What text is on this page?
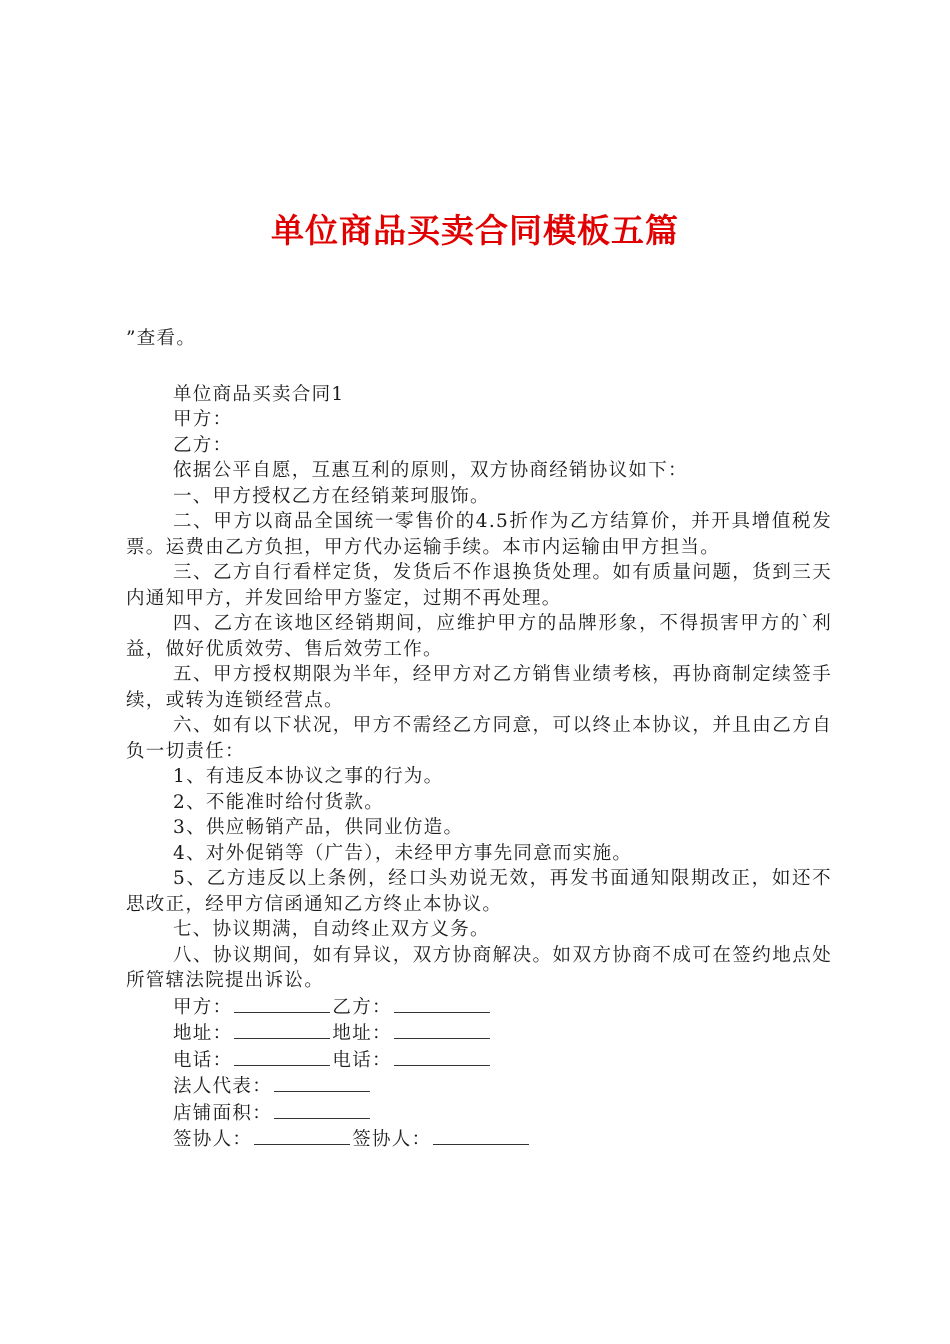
单位商品买卖合同模板五篇

”查看。

单位商品买卖合同1

甲方：

乙方：

依据公平自愿，互惠互利的原则，双方协商经销协议如下：

一、甲方授权乙方在经销莱珂服饰。

二、甲方以商品全国统一零售价的4.5折作为乙方结算价，并开具增值税发票。运费由乙方负担，甲方代办运输手续。本市内运输由甲方担当。

三、乙方自行看样定货，发货后不作退换货处理。如有质量问题，货到三天内通知甲方，并发回给甲方鉴定，过期不再处理。

四、乙方在该地区经销期间，应维护甲方的品牌形象，不得损害甲方的`利益，做好优质效劳、售后效劳工作。

五、甲方授权期限为半年，经甲方对乙方销售业绩考核，再协商制定续签手续，或转为连锁经营点。

六、如有以下状况，甲方不需经乙方同意，可以终止本协议，并且由乙方自负一切责任：

1、有违反本协议之事的行为。

2、不能准时给付货款。

3、供应畅销产品，供同业仿造。

4、对外促销等（广告），未经甲方事先同意而实施。

5、乙方违反以上条例，经口头劝说无效，再发书面通知限期改正，如还不思改正，经甲方信函通知乙方终止本协议。

七、协议期满，自动终止双方义务。

八、协议期间，如有异议，双方协商解决。如双方协商不成可在签约地点处所管辖法院提出诉讼。

甲方：	乙方：

地址：	地址：

电话：	电话：

法人代表：

店铺面积：

签协人：	签协人：
